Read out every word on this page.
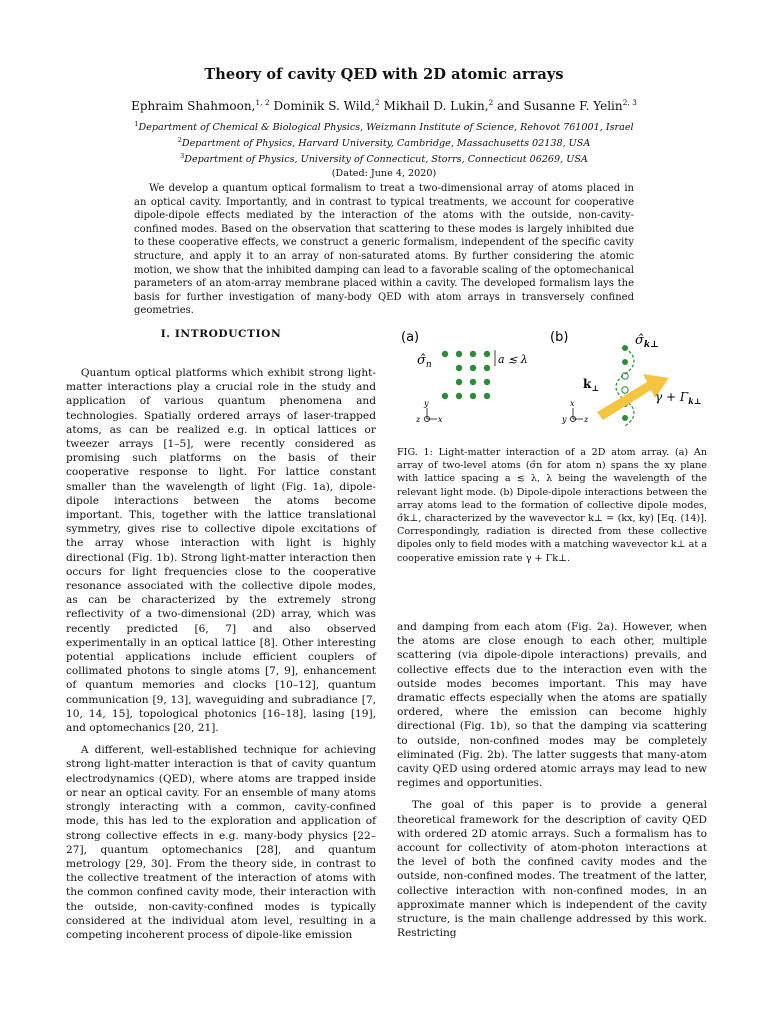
Theory of cavity QED with 2D atomic arrays
Ephraim Shahmoon,$^{1, 2}$ Dominik S. Wild,$^2$ Mikhail D. Lukin,$^2$ and Susanne F. Yelin$^{2, 3}$
$^1$Department of Chemical & Biological Physics, Weizmann Institute of Science, Rehovot 761001, Israel
$^2$Department of Physics, Harvard University, Cambridge, Massachusetts 02138, USA
$^3$Department of Physics, University of Connecticut, Storrs, Connecticut 06269, USA
(Dated: June 4, 2020)
We develop a quantum optical formalism to treat a two-dimensional array of atoms placed in an optical cavity. Importantly, and in contrast to typical treatments, we account for cooperative dipole-dipole effects mediated by the interaction of the atoms with the outside, non-cavity-confined modes. Based on the observation that scattering to these modes is largely inhibited due to these cooperative effects, we construct a generic formalism, independent of the specific cavity structure, and apply it to an array of non-saturated atoms. By further considering the atomic motion, we show that the inhibited damping can lead to a favorable scaling of the optomechanical parameters of an atom-array membrane placed within a cavity. The developed formalism lays the basis for further investigation of many-body QED with atom arrays in transversely confined geometries.
I. INTRODUCTION

Quantum optical platforms which exhibit strong light-matter interactions play a crucial role in the study and application of various quantum phenomena and technologies. Spatially ordered arrays of laser-trapped atoms, as can be realized e.g. in optical lattices or tweezer arrays [1–5], were recently considered as promising such platforms on the basis of their cooperative response to light. For lattice constant smaller than the wavelength of light (Fig. 1a), dipole-dipole interactions between the atoms become important. This, together with the lattice translational symmetry, gives rise to collective dipole excitations of the array whose interaction with light is highly directional (Fig. 1b). Strong light-matter interaction then occurs for light frequencies close to the cooperative resonance associated with the collective dipole modes, as can be characterized by the extremely strong reflectivity of a two-dimensional (2D) array, which was recently predicted [6, 7] and also observed experimentally in an optical lattice [8]. Other interesting potential applications include efficient couplers of collimated photons to single atoms [7, 9], enhancement of quantum memories and clocks [10–12], quantum communication [9, 13], waveguiding and subradiance [7, 10, 14, 15], topological photonics [16–18], lasing [19], and optomechanics [20, 21].

A different, well-established technique for achieving strong light-matter interaction is that of cavity quantum electrodynamics (QED), where atoms are trapped inside or near an optical cavity. For an ensemble of many atoms strongly interacting with a common, cavity-confined mode, this has led to the exploration and application of strong collective effects in e.g. many-body physics [22–27], quantum optomechanics [28], and quantum metrology [29, 30]. From the theory side, in contrast to the collective treatment of the interaction of atoms with the common confined cavity mode, their interaction with the outside, non-cavity-confined modes is typically considered at the individual atom level, resulting in a competing incoherent process of dipole-like emission

(a)
$\sigmâ_n$	a ≲ λ
y
z x
(b)	$\sigmâ_{k\perp}$
$k_\perp$
$\gamma + \Gamma_{k\perp}$
x
y z
FIG. 1: Light-matter interaction of a 2D atom array. (a) An array of two-level atoms (σ̂n for atom n) spans the xy plane with lattice spacing a ≲ λ, λ being the wavelength of the relevant light mode. (b) Dipole-dipole interactions between the array atoms lead to the formation of collective dipole modes, σ̂k⊥, characterized by the wavevector k⊥ = (kx, ky) [Eq. (14)]. Correspondingly, radiation is directed from these collective dipoles only to field modes with a matching wavevector k⊥ at a cooperative emission rate γ + Γk⊥.

and damping from each atom (Fig. 2a). However, when the atoms are close enough to each other, multiple scattering (via dipole-dipole interactions) prevails, and collective effects due to the interaction even with the outside modes becomes important. This may have dramatic effects especially when the atoms are spatially ordered, where the emission can become highly directional (Fig. 1b), so that the damping via scattering to outside, non-confined modes may be completely eliminated (Fig. 2b). The latter suggests that many-atom cavity QED using ordered atomic arrays may lead to new regimes and opportunities.

The goal of this paper is to provide a general theoretical framework for the description of cavity QED with ordered 2D atomic arrays. Such a formalism has to account for collectivity of atom-photon interactions at the level of both the confined cavity modes and the outside, non-confined modes. The treatment of the latter, collective interaction with non-confined modes, in an approximate manner which is independent of the cavity structure, is the main challenge addressed by this work. Restricting
